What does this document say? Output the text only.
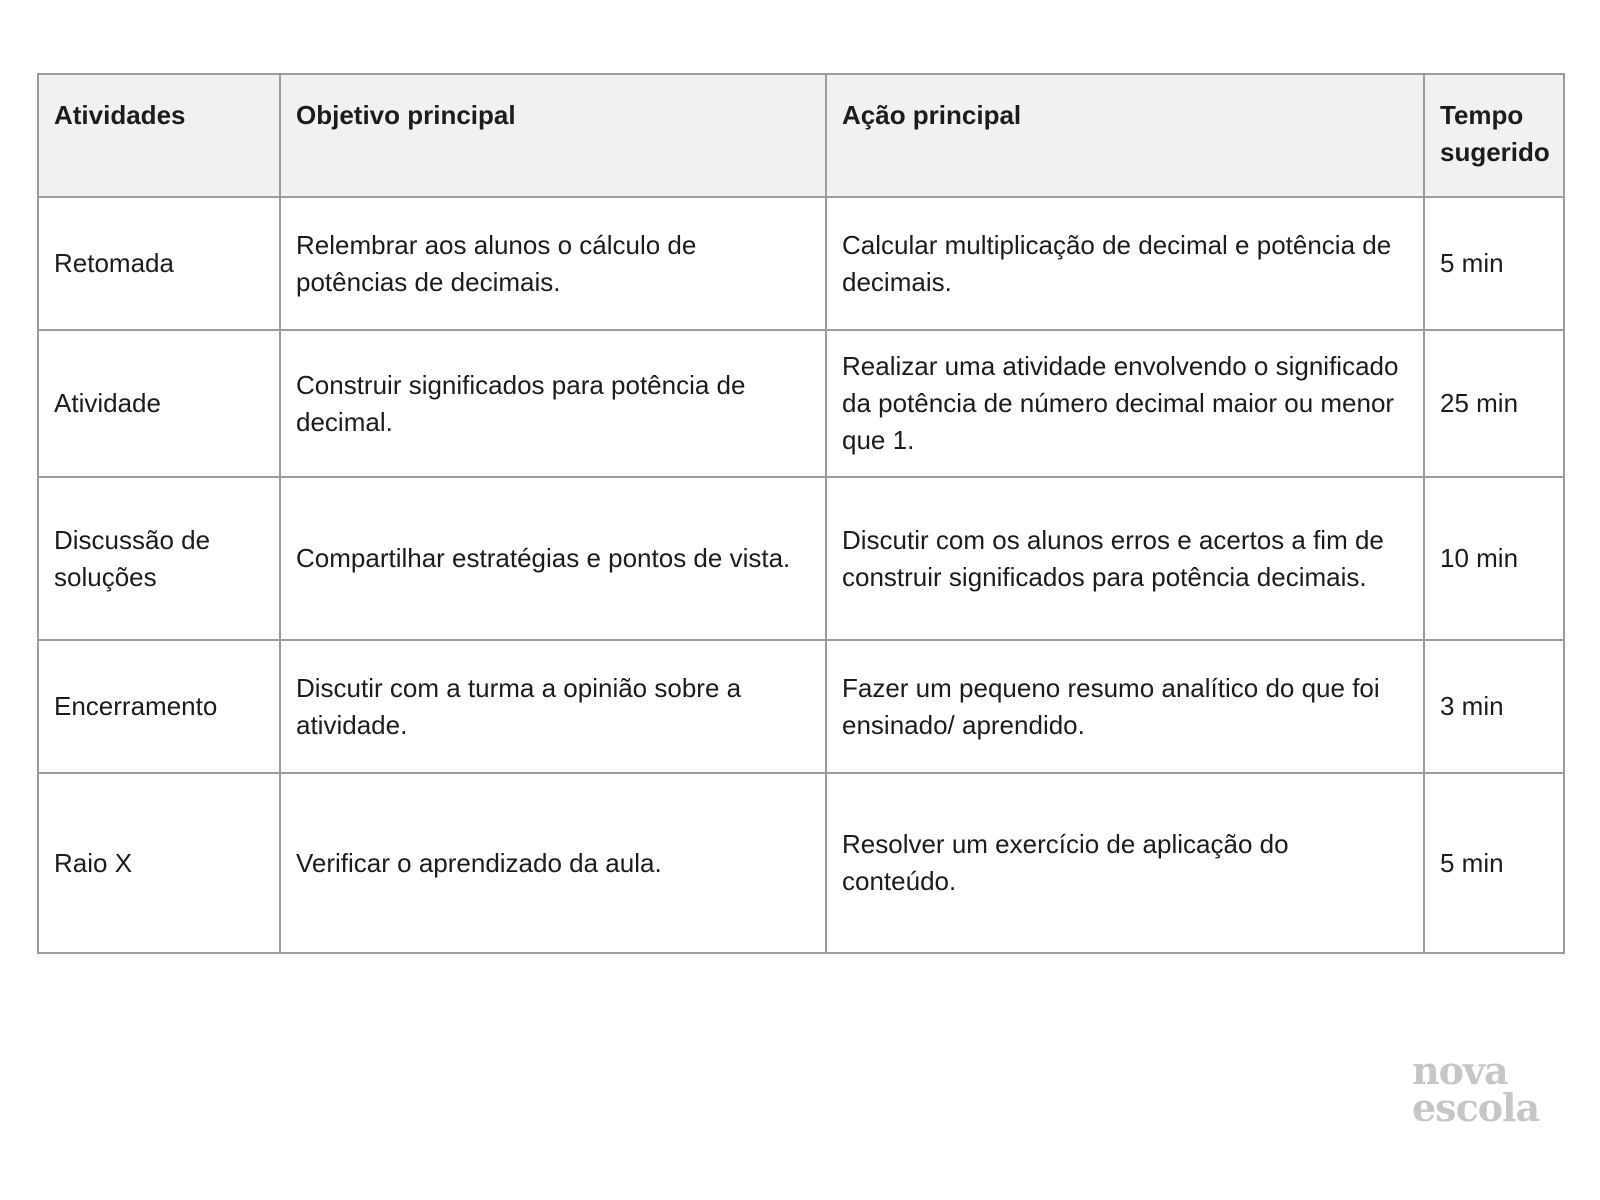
Atividades	Objetivo principal	Ação principal	Tempo sugerido
Retomada	Relembrar aos alunos o cálculo de potências de decimais.	Calcular multiplicação de decimal e potência de decimais.	5 min
Atividade	Construir significados para potência de decimal.	Realizar uma atividade envolvendo o significado da potência de número decimal maior ou menor que 1.	25 min
Discussão de soluções	Compartilhar estratégias e pontos de vista.	Discutir com os alunos erros e acertos a fim de construir significados para potência decimais.	10 min
Encerramento	Discutir com a turma a opinião sobre a atividade.	Fazer um pequeno resumo analítico do que foi ensinado/ aprendido.	3 min
Raio X	Verificar o aprendizado da aula.	Resolver um exercício de aplicação do conteúdo.	5 min
nova
escola
